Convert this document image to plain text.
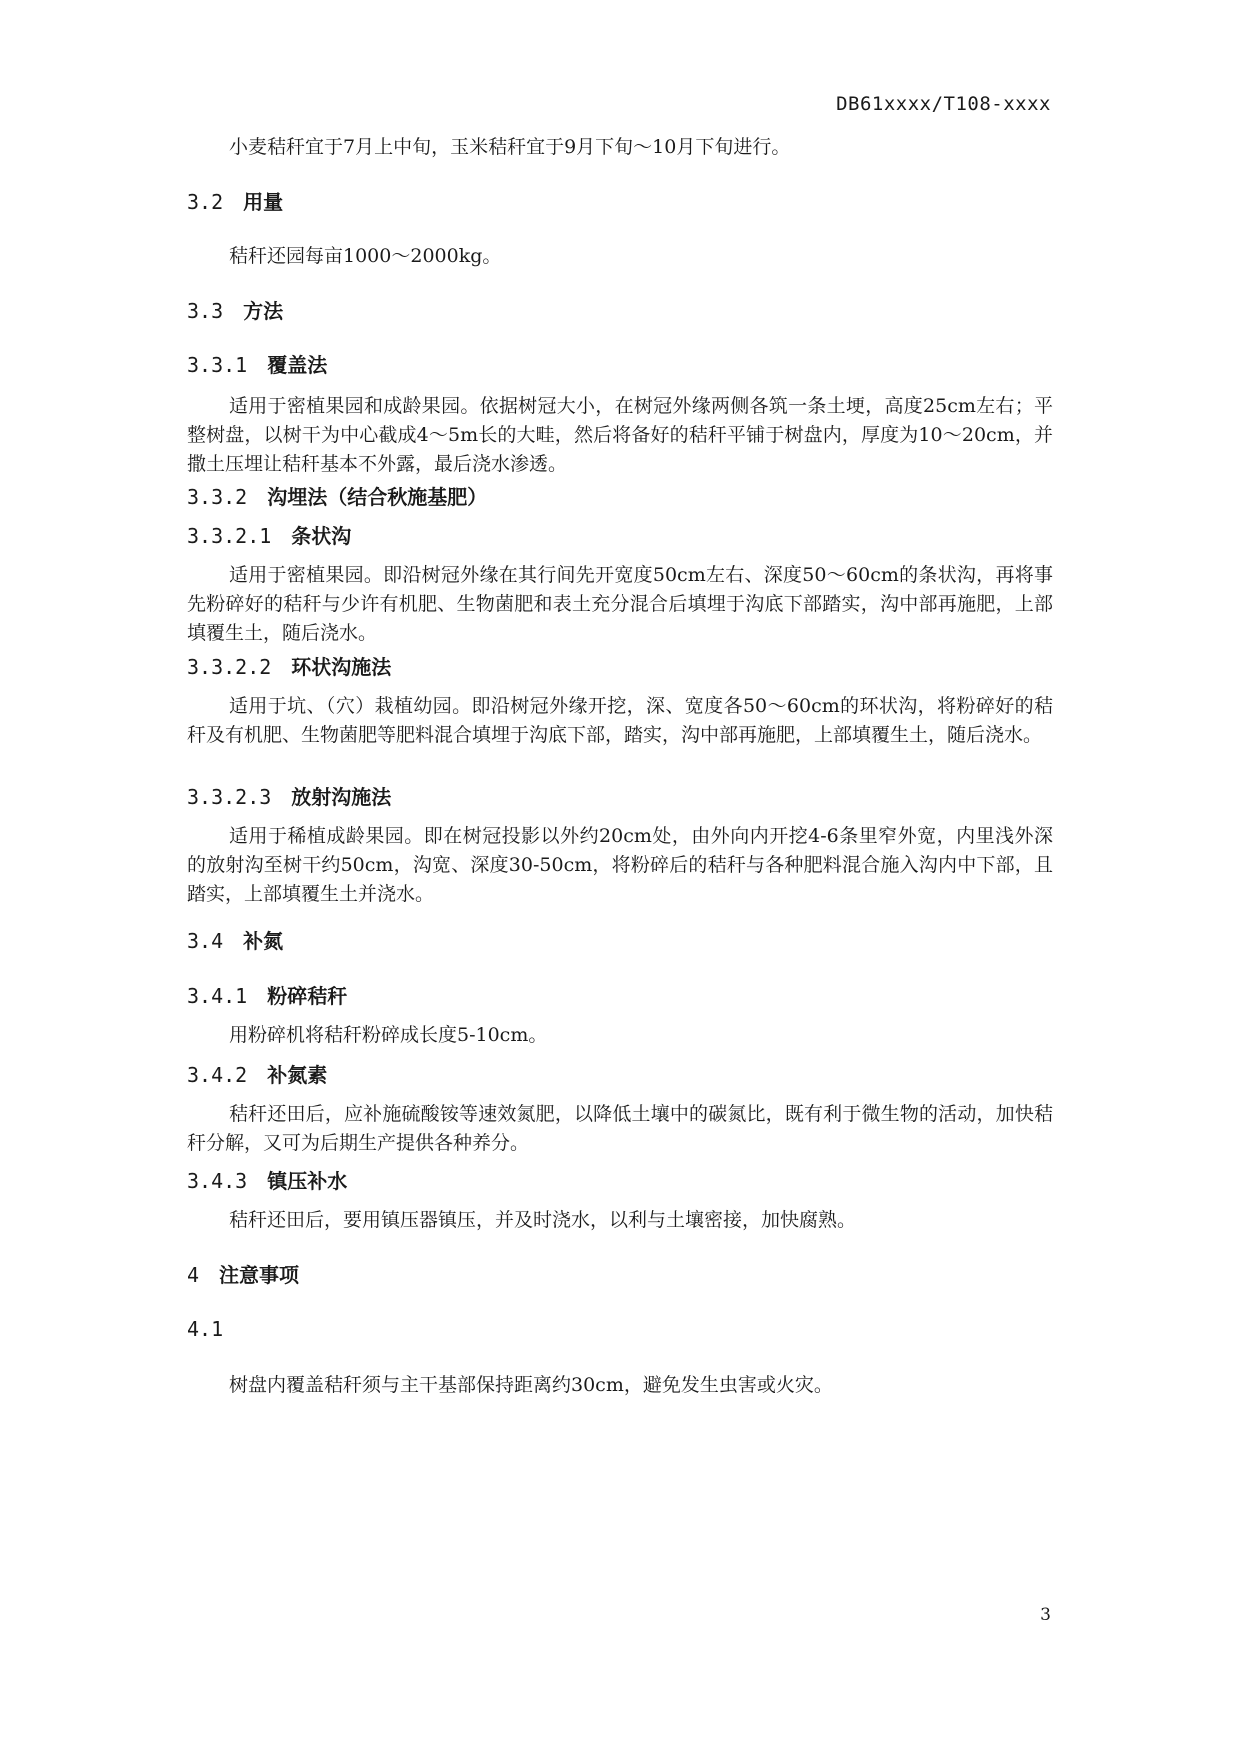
DB61xxxx/T108-xxxx
小麦秸秆宜于7月上中旬，玉米秸秆宜于9月下旬～10月下旬进行。
3.2 用量
秸秆还园每亩1000～2000kg。
3.3 方法
3.3.1 覆盖法
适用于密植果园和成龄果园。依据树冠大小，在树冠外缘两侧各筑一条土埂，高度25cm左右；平整树盘，以树干为中心截成4～5m长的大畦，然后将备好的秸秆平铺于树盘内，厚度为10～20cm，并撒土压埋让秸秆基本不外露，最后浇水渗透。
3.3.2 沟埋法（结合秋施基肥）
3.3.2.1 条状沟
适用于密植果园。即沿树冠外缘在其行间先开宽度50cm左右、深度50～60cm的条状沟，再将事先粉碎好的秸秆与少许有机肥、生物菌肥和表土充分混合后填埋于沟底下部踏实，沟中部再施肥，上部填覆生土，随后浇水。
3.3.2.2 环状沟施法
适用于坑、（穴）栽植幼园。即沿树冠外缘开挖，深、宽度各50～60cm的环状沟，将粉碎好的秸秆及有机肥、生物菌肥等肥料混合填埋于沟底下部，踏实，沟中部再施肥，上部填覆生土，随后浇水。
3.3.2.3 放射沟施法
适用于稀植成龄果园。即在树冠投影以外约20cm处，由外向内开挖4-6条里窄外宽，内里浅外深的放射沟至树干约50cm，沟宽、深度30-50cm，将粉碎后的秸秆与各种肥料混合施入沟内中下部，且踏实，上部填覆生土并浇水。
3.4 补氮
3.4.1 粉碎秸秆
用粉碎机将秸秆粉碎成长度5-10cm。
3.4.2 补氮素
秸秆还田后，应补施硫酸铵等速效氮肥，以降低土壤中的碳氮比，既有利于微生物的活动，加快秸秆分解，又可为后期生产提供各种养分。
3.4.3 镇压补水
秸秆还田后，要用镇压器镇压，并及时浇水，以利与土壤密接，加快腐熟。
4 注意事项
4.1
树盘内覆盖秸秆须与主干基部保持距离约30cm，避免发生虫害或火灾。
3
